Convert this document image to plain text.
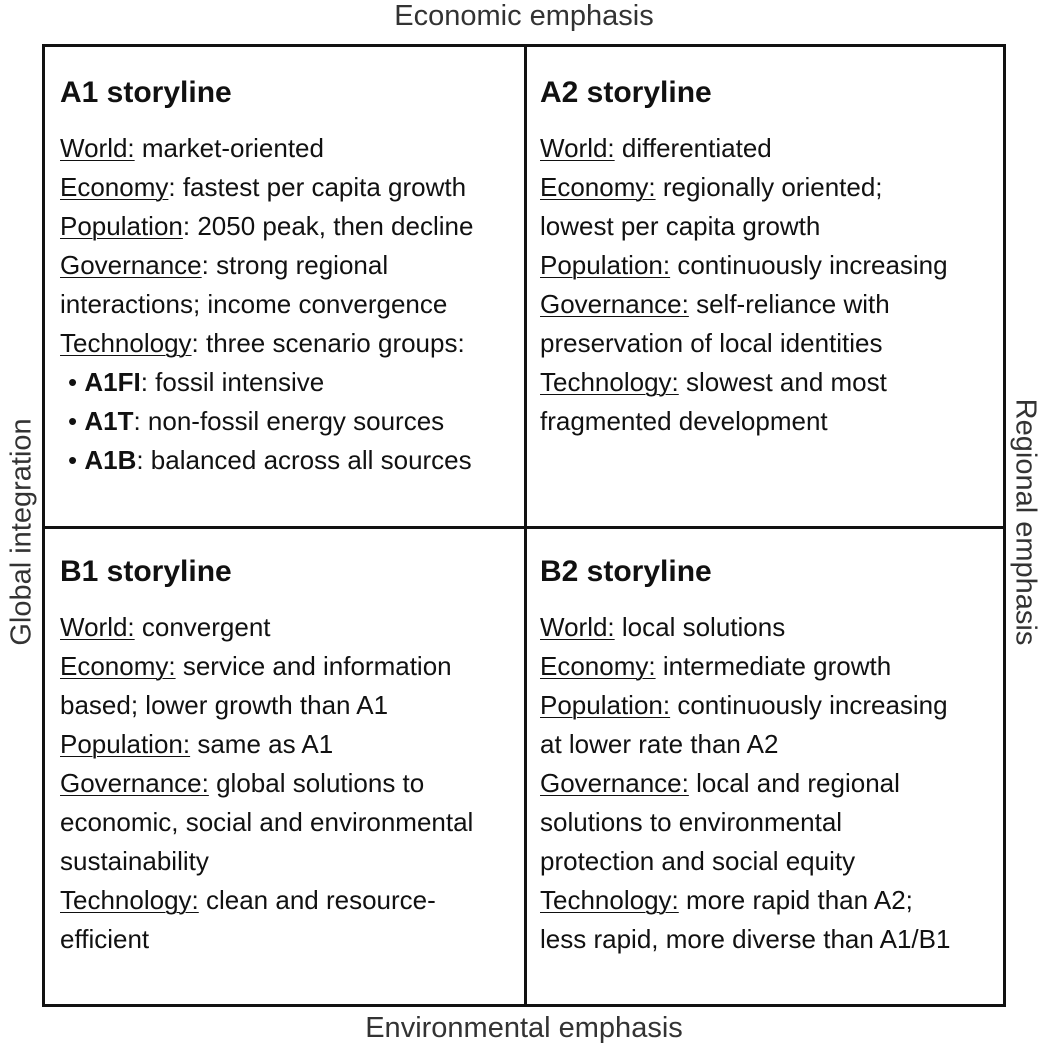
Economic emphasis
Environmental emphasis
Global integration	Regional emphasis
A1 storyline
World: market-oriented
Economy: fastest per capita growth
Population: 2050 peak, then decline
Governance: strong regional
interactions; income convergence
Technology: three scenario groups:
• A1FI: fossil intensive
• A1T: non-fossil energy sources
• A1B: balanced across all sources
A2 storyline
World: differentiated
Economy: regionally oriented;
lowest per capita growth
Population: continuously increasing
Governance: self-reliance with
preservation of local identities
Technology: slowest and most
fragmented development
B1 storyline
World: convergent
Economy: service and information
based; lower growth than A1
Population: same as A1
Governance: global solutions to
economic, social and environmental
sustainability
Technology: clean and resource-
efficient
B2 storyline
World: local solutions
Economy: intermediate growth
Population: continuously increasing
at lower rate than A2
Governance: local and regional
solutions to environmental
protection and social equity
Technology: more rapid than A2;
less rapid, more diverse than A1/B1
